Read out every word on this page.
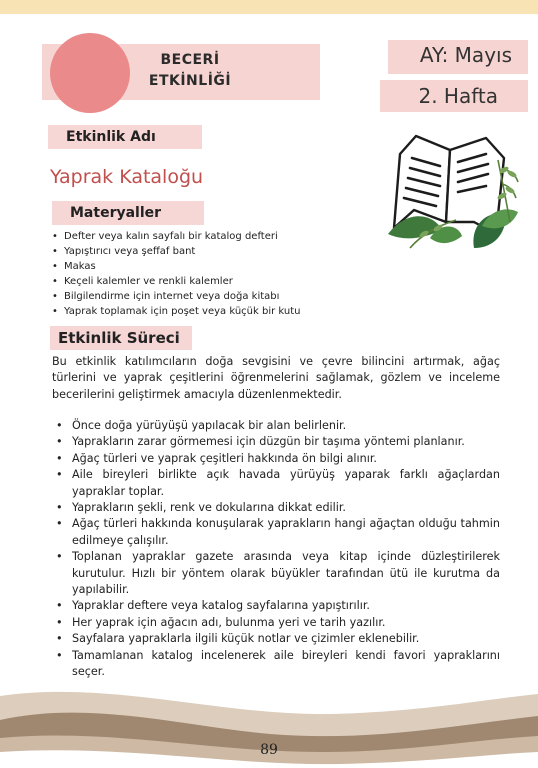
BECERİ
ETKİNLİĞİ
AY: Mayıs
2. Hafta
Etkinlik Adı
Yaprak Kataloğu
Materyaller
• Defter veya kalın sayfalı bir katalog defteri
• Yapıştırıcı veya şeffaf bant
• Makas
• Keçeli kalemler ve renkli kalemler
• Bilgilendirme için internet veya doğa kitabı
• Yaprak toplamak için poşet veya küçük bir kutu
Etkinlik Süreci
Bu etkinlik katılımcıların doğa sevgisini ve çevre bilincini artırmak, ağaç türlerini ve yaprak çeşitlerini öğrenmelerini sağlamak, gözlem ve inceleme becerilerini geliştirmek amacıyla düzenlenmektedir.
• Önce doğa yürüyüşü yapılacak bir alan belirlenir.
• Yaprakların zarar görmemesi için düzgün bir taşıma yöntemi planlanır.
• Ağaç türleri ve yaprak çeşitleri hakkında ön bilgi alınır.
• Aile bireyleri birlikte açık havada yürüyüş yaparak farklı ağaçlardan yapraklar toplar.
• Yaprakların şekli, renk ve dokularına dikkat edilir.
• Ağaç türleri hakkında konuşularak yaprakların hangi ağaçtan olduğu tahmin edilmeye çalışılır.
• Toplanan yapraklar gazete arasında veya kitap içinde düzleştirilerek kurutulur. Hızlı bir yöntem olarak büyükler tarafından ütü ile kurutma da yapılabilir.
• Yapraklar deftere veya katalog sayfalarına yapıştırılır.
• Her yaprak için ağacın adı, bulunma yeri ve tarih yazılır.
• Sayfalara yapraklarla ilgili küçük notlar ve çizimler eklenebilir.
• Tamamlanan katalog incelenerek aile bireyleri kendi favori yapraklarını seçer.
89
